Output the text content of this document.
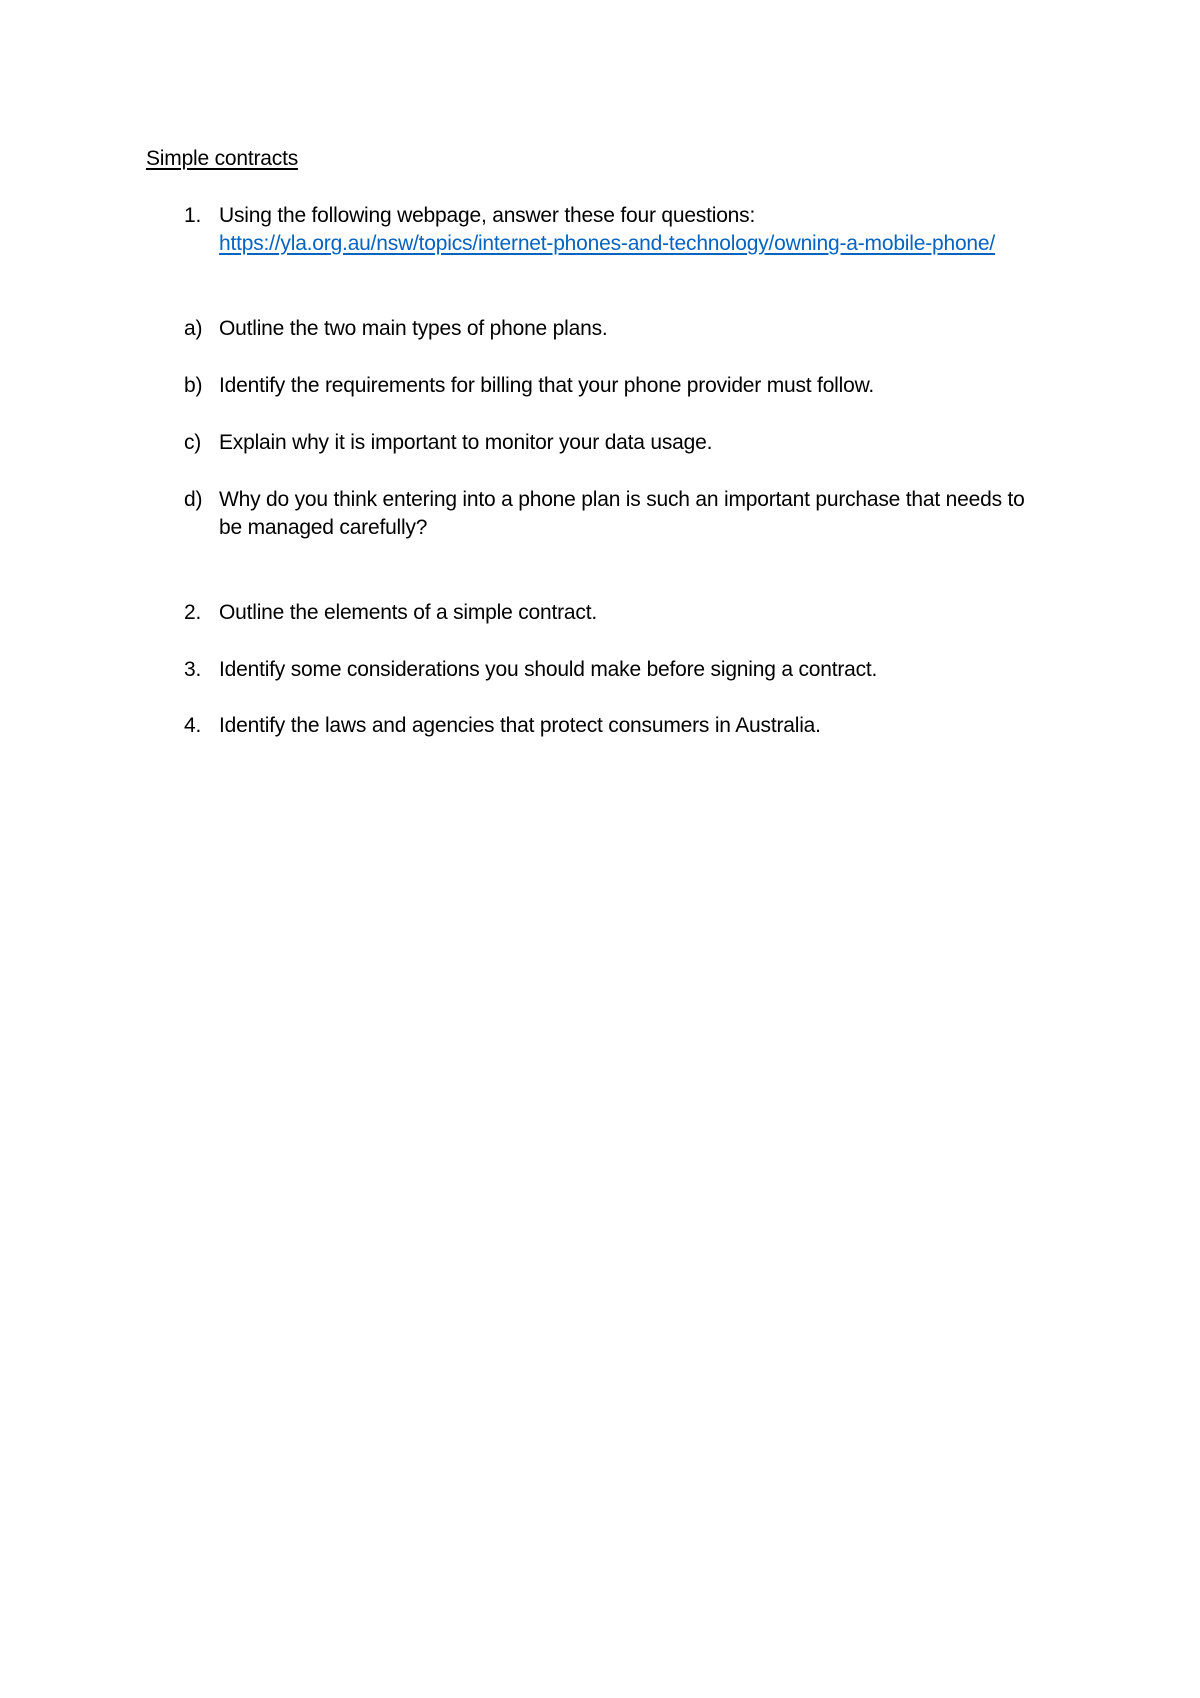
Simple contracts
1. Using the following webpage, answer these four questions:
https://yla.org.au/nsw/topics/internet-phones-and-technology/owning-a-mobile-phone/
a) Outline the two main types of phone plans.
b) Identify the requirements for billing that your phone provider must follow.
c) Explain why it is important to monitor your data usage.
d) Why do you think entering into a phone plan is such an important purchase that needs to be managed carefully?
2. Outline the elements of a simple contract.
3. Identify some considerations you should make before signing a contract.
4. Identify the laws and agencies that protect consumers in Australia.
